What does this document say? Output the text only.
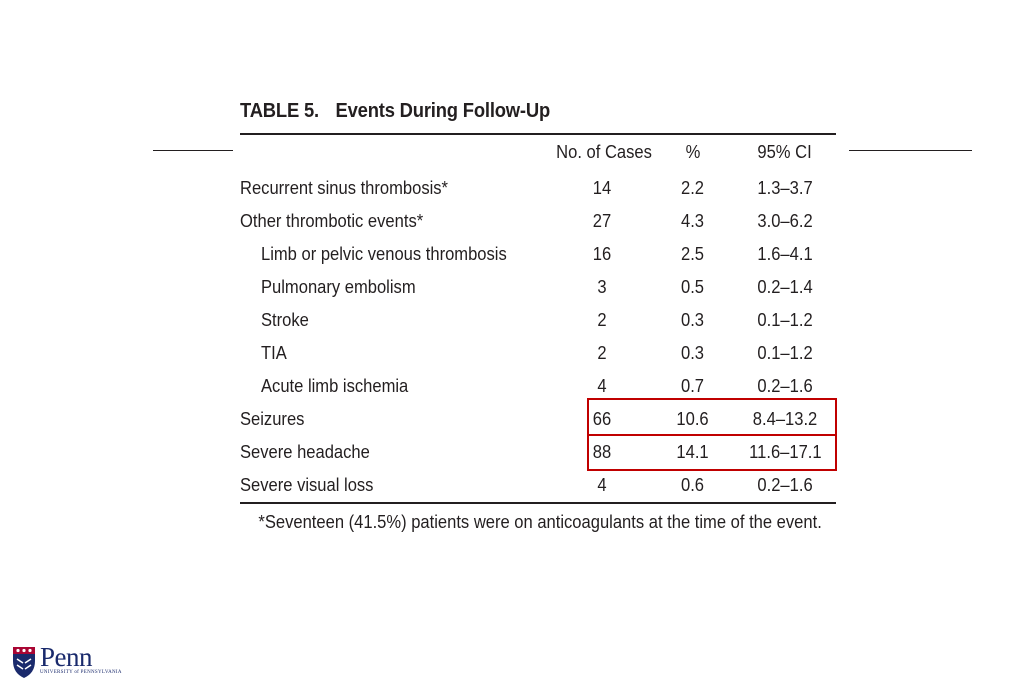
TABLE 5. Events During Follow-Up
	No. of Cases	%	95% CI
Recurrent sinus thrombosis*	14	2.2	1.3–3.7
Other thrombotic events*	27	4.3	3.0–6.2
Limb or pelvic venous thrombosis	16	2.5	1.6–4.1
Pulmonary embolism	3	0.5	0.2–1.4
Stroke	2	0.3	0.1–1.2
TIA	2	0.3	0.1–1.2
Acute limb ischemia	4	0.7	0.2–1.6
Seizures	66	10.6	8.4–13.2
Severe headache	88	14.1	11.6–17.1
Severe visual loss	4	0.6	0.2–1.6
*Seventeen (41.5%) patients were on anticoagulants at the time of the event.
Penn
UNIVERSITY of PENNSYLVANIA
